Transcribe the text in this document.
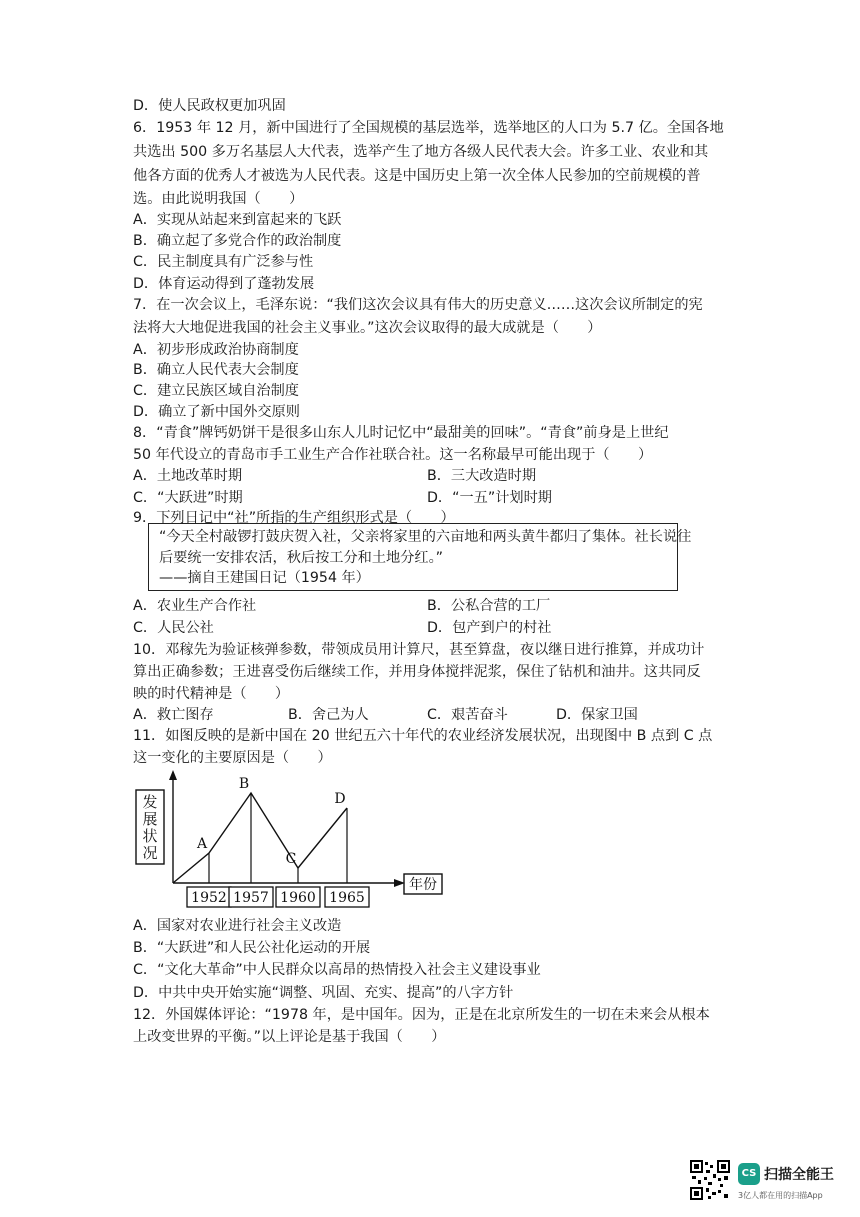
D．使人民政权更加巩固
6．1953 年 12 月，新中国进行了全国规模的基层选举，选举地区的人口为 5.7 亿。全国各地
共选出 500 多万名基层人大代表，选举产生了地方各级人民代表大会。许多工业、农业和其
他各方面的优秀人才被选为人民代表。这是中国历史上第一次全体人民参加的空前规模的普
选。由此说明我国（　　）
A．实现从站起来到富起来的飞跃
B．确立起了多党合作的政治制度
C．民主制度具有广泛参与性
D．体育运动得到了蓬勃发展
7．在一次会议上，毛泽东说：“我们这次会议具有伟大的历史意义……这次会议所制定的宪
法将大大地促进我国的社会主义事业。”这次会议取得的最大成就是（　　）
A．初步形成政治协商制度
B．确立人民代表大会制度
C．建立民族区域自治制度
D．确立了新中国外交原则
8．“青食”牌钙奶饼干是很多山东人儿时记忆中“最甜美的回味”。“青食”前身是上世纪
50 年代设立的青岛市手工业生产合作社联合社。这一名称最早可能出现于（　　）
A．土地改革时期	B．三大改造时期
C．“大跃进”时期	D．“一五”计划时期
9．下列日记中“社”所指的生产组织形式是（　　）
“今天全村敲锣打鼓庆贺入社，父亲将家里的六亩地和两头黄牛都归了集体。社长说往
后要统一安排农活，秋后按工分和土地分红。”
——摘自王建国日记（1954 年）
A．农业生产合作社	B．公私合营的工厂
C．人民公社	D．包产到户的村社
10．邓稼先为验证核弹参数，带领成员用计算尺，甚至算盘，夜以继日进行推算，并成功计
算出正确参数；王进喜受伤后继续工作，并用身体搅拌泥浆，保住了钻机和油井。这共同反
映的时代精神是（　　）
A．救亡图存	B．舍己为人	C．艰苦奋斗	D．保家卫国
11．如图反映的是新中国在 20 世纪五六十年代的农业经济发展状况，出现图中 B 点到 C 点
这一变化的主要原因是（　　）
发展状况
年份
A
1952
B
1957
C
1960
D
1965
A．国家对农业进行社会主义改造
B．“大跃进”和人民公社化运动的开展
C．“文化大革命”中人民群众以高昂的热情投入社会主义建设事业
D．中共中央开始实施“调整、巩固、充实、提高”的八字方针
12．外国媒体评论：“1978 年，是中国年。因为，正是在北京所发生的一切在未来会从根本
上改变世界的平衡。”以上评论是基于我国（　　）
CS 扫描全能王
3亿人都在用的扫描App
